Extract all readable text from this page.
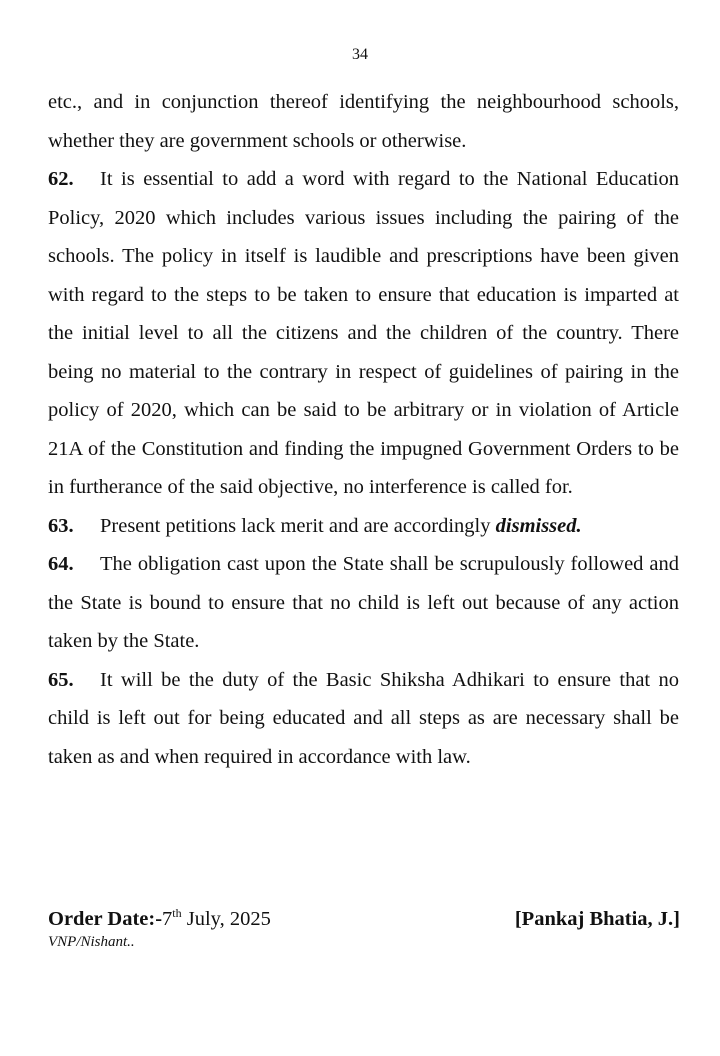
34

etc., and in conjunction thereof identifying the neighbourhood schools, whether they are government schools or otherwise.

62. It is essential to add a word with regard to the National Education Policy, 2020 which includes various issues including the pairing of the schools. The policy in itself is laudible and prescriptions have been given with regard to the steps to be taken to ensure that education is imparted at the initial level to all the citizens and the children of the country. There being no material to the contrary in respect of guidelines of pairing in the policy of 2020, which can be said to be arbitrary or in violation of Article 21A of the Constitution and finding the impugned Government Orders to be in furtherance of the said objective, no interference is called for.

63. Present petitions lack merit and are accordingly dismissed.

64. The obligation cast upon the State shall be scrupulously followed and the State is bound to ensure that no child is left out because of any action taken by the State.

65. It will be the duty of the Basic Shiksha Adhikari to ensure that no child is left out for being educated and all steps as are necessary shall be taken as and when required in accordance with law.

Order Date:-7th July, 2025	[Pankaj Bhatia, J.]
VNP/Nishant..
